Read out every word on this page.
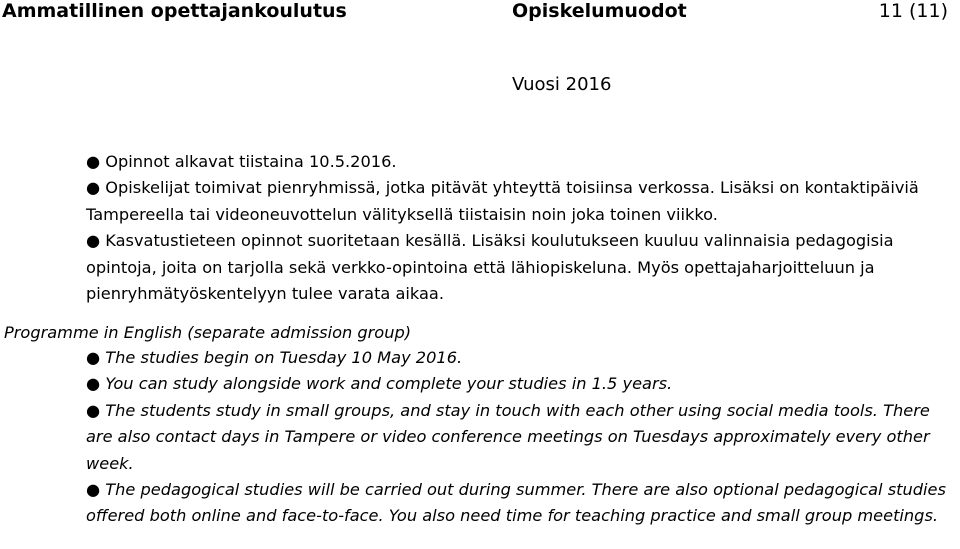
Ammatillinen opettajankoulutus	Opiskelumuodot	11 (11)
Vuosi 2016

● Opinnot alkavat tiistaina 10.5.2016.

● Opiskelijat toimivat pienryhmissä, jotka pitävät yhteyttä toisiinsa verkossa. Lisäksi on kontaktipäiviä Tampereella tai videoneuvottelun välityksellä tiistaisin noin joka toinen viikko.

● Kasvatustieteen opinnot suoritetaan kesällä. Lisäksi koulutukseen kuuluu valinnaisia pedagogisia opintoja, joita on tarjolla sekä verkko-opintoina että lähiopiskeluna. Myös opettajaharjoitteluun ja pienryhmätyöskentelyyn tulee varata aikaa.

Programme in English (separate admission group)

● The studies begin on Tuesday 10 May 2016.

● You can study alongside work and complete your studies in 1.5 years.

● The students study in small groups, and stay in touch with each other using social media tools. There are also contact days in Tampere or video conference meetings on Tuesdays approximately every other week.

● The pedagogical studies will be carried out during summer. There are also optional pedagogical studies offered both online and face-to-face. You also need time for teaching practice and small group meetings.
